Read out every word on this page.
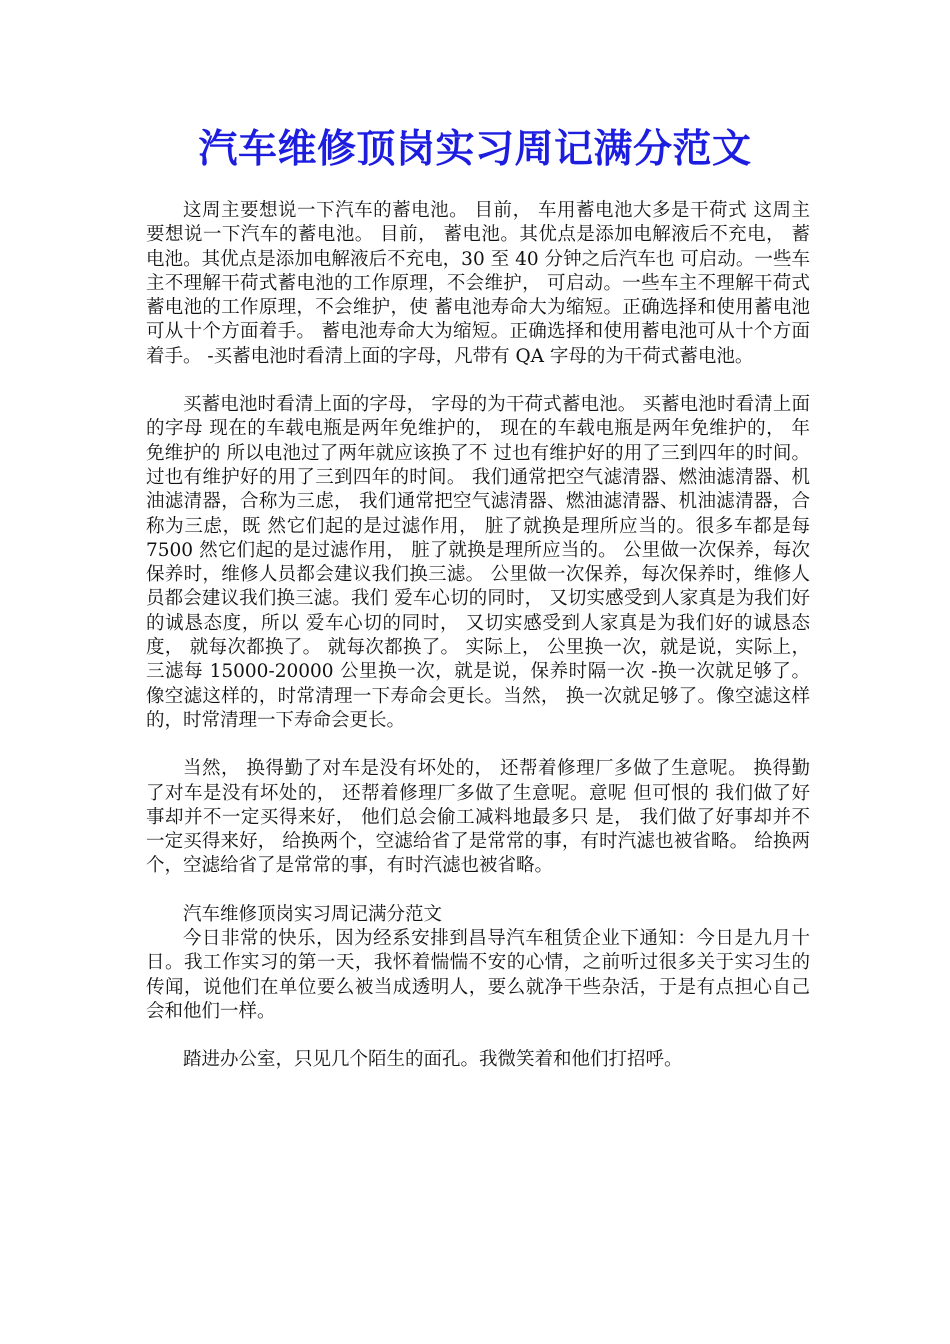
汽车维修顶岗实习周记满分范文

这周主要想说一下汽车的蓄电池。 目前， 车用蓄电池大多是干荷式 这周主要想说一下汽车的蓄电池。 目前， 蓄电池。其优点是添加电解液后不充电， 蓄电池。其优点是添加电解液后不充电，30 至 40 分钟之后汽车也 可启动。一些车主不理解干荷式蓄电池的工作原理，不会维护， 可启动。一些车主不理解干荷式蓄电池的工作原理，不会维护，使 蓄电池寿命大为缩短。正确选择和使用蓄电池可从十个方面着手。 蓄电池寿命大为缩短。正确选择和使用蓄电池可从十个方面着手。 -买蓄电池时看清上面的字母，凡带有 QA 字母的为干荷式蓄电池。

买蓄电池时看清上面的字母， 字母的为干荷式蓄电池。 买蓄电池时看清上面的字母 现在的车载电瓶是两年免维护的， 现在的车载电瓶是两年免维护的， 年免维护的 所以电池过了两年就应该换了不 过也有维护好的用了三到四年的时间。 过也有维护好的用了三到四年的时间。 我们通常把空气滤清器、燃油滤清器、机油滤清器，合称为三虑， 我们通常把空气滤清器、燃油滤清器、机油滤清器，合称为三虑，既 然它们起的是过滤作用， 脏了就换是理所应当的。很多车都是每 7500 然它们起的是过滤作用， 脏了就换是理所应当的。 公里做一次保养，每次保养时，维修人员都会建议我们换三滤。 公里做一次保养，每次保养时，维修人员都会建议我们换三滤。我们 爱车心切的同时， 又切实感受到人家真是为我们好的诚恳态度，所以 爱车心切的同时， 又切实感受到人家真是为我们好的诚恳态度， 就每次都换了。 就每次都换了。 实际上， 公里换一次，就是说，实际上，三滤每 15000-20000 公里换一次，就是说，保养时隔一次 -换一次就足够了。像空滤这样的，时常清理一下寿命会更长。当然， 换一次就足够了。像空滤这样的，时常清理一下寿命会更长。

当然， 换得勤了对车是没有坏处的， 还帮着修理厂多做了生意呢。 换得勤了对车是没有坏处的， 还帮着修理厂多做了生意呢。意呢 但可恨的 我们做了好事却并不一定买得来好， 他们总会偷工减料地最多只 是， 我们做了好事却并不一定买得来好， 给换两个，空滤给省了是常常的事，有时汽滤也被省略。 给换两个，空滤给省了是常常的事，有时汽滤也被省略。

汽车维修顶岗实习周记满分范文

今日非常的快乐，因为经系安排到昌导汽车租赁企业下通知：今日是九月十日。我工作实习的第一天，我怀着惴惴不安的心情，之前听过很多关于实习生的传闻，说他们在单位要么被当成透明人，要么就净干些杂活，于是有点担心自己会和他们一样。

踏进办公室，只见几个陌生的面孔。我微笑着和他们打招呼。
